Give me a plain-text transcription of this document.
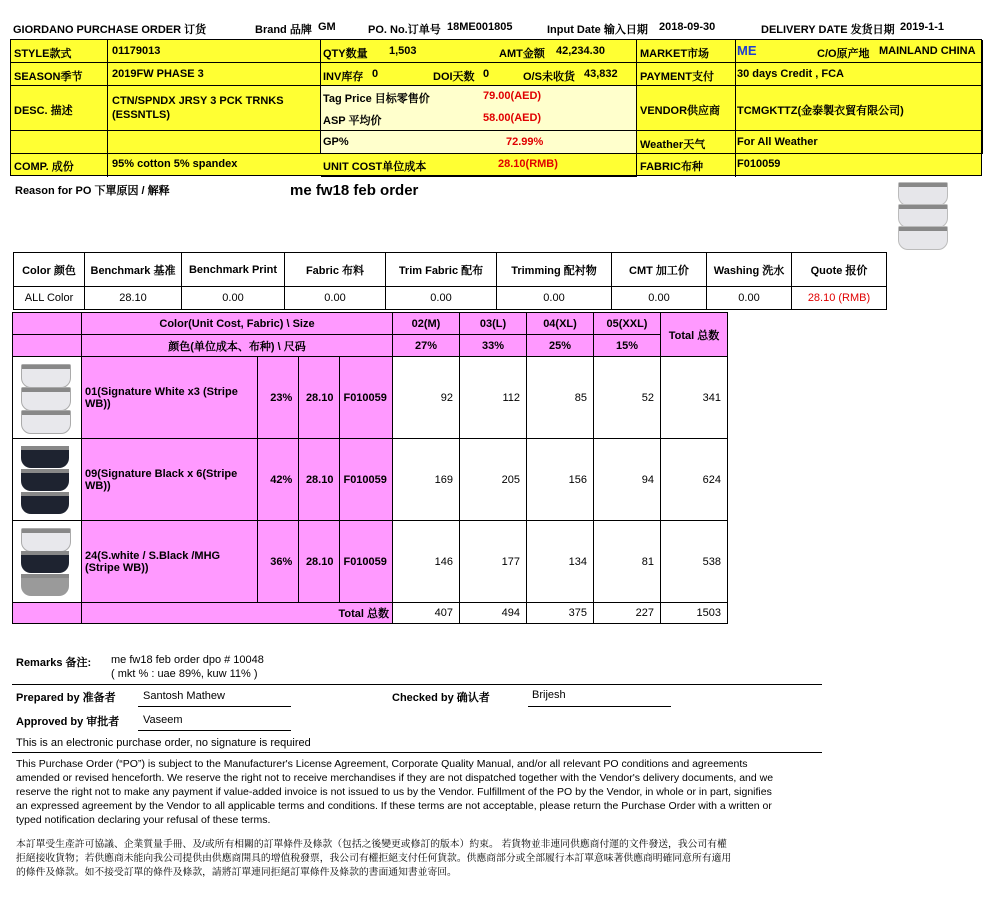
GIORDANO PURCHASE ORDER 订货	Brand 品牌 GM	PO. No.订单号 18ME001805	Input Date 输入日期 2018-09-30	DELIVERY DATE 发货日期 2019-1-1
STYLE款式	01179013
SEASON季节	2019FW PHASE 3
DESC. 描述
CTN/SPNDX JRSY 3 PCK TRNKS
(ESSNTLS)
COMP. 成份	95% cotton 5% spandex
QTY数量 1,503	AMT金额 42,234.30
INV库存 0	DOI天数 0	O/S未收货 43,832
Tag Price 目标零售价	79.00(AED)
ASP 平均价	58.00(AED)
GP%	72.99%
UNIT COST单位成本	28.10(RMB)
MARKET市场 ME	C/O原产地 MAINLAND CHINA
PAYMENT支付 30 days Credit , FCA
VENDOR供应商 TCMGKTTZ(金泰製衣貿有限公司)
Weather天气	For All Weather
FABRIC布种	F010059
Reason for PO 下單原因 / 解释	me fw18 feb order
Color 颜色	Benchmark 基准	Benchmark Print	Fabric 布料	Trim Fabric 配布	Trimming 配衬物	CMT 加工价	Washing 洗水	Quote 报价
ALL Color	28.10	0.00	0.00	0.00	0.00	0.00	0.00	28.10 (RMB)
	Color(Unit Cost, Fabric) \ Size				02(M)	03(L)	04(XL)	05(XXL)	Total 总数
	颜色(单位成本、布种) \ 尺码				27%	33%	25%	15%	

	01(Signature White x3 (Stripe WB))	23%	28.10	F010059	92	112	85	52	341

	09(Signature Black x 6(Stripe WB))	42%	28.10	F010059	169	205	156	94	624

	24(S.white / S.Black /MHG (Stripe WB))	36%	28.10	F010059	146	177	134	81	538
	Total 总数				407	494	375	227	1503
Remarks 备注: me fw18 feb order dpo # 10048
( mkt % : uae 89%, kuw 11% )
Prepared by 准备者 Santosh Mathew	Checked by 确认者	Brijesh
Approved by 审批者 Vaseem
This is an electronic purchase order, no signature is required
This Purchase Order (“PO”) is subject to the Manufacturer's License Agreement, Corporate Quality Manual, and/or all relevant PO conditions and agreements
amended or revised henceforth. We reserve the right not to receive merchandises if they are not dispatched together with the Vendor's delivery documents, and we
reserve the right not to make any payment if value-added invoice is not issued to us by the Vendor. Fulfillment of the PO by the Vendor, in whole or in part, signifies
an expressed agreement by the Vendor to all applicable terms and conditions. If these terms are not acceptable, please return the Purchase Order with a written or
typed notification declaring your refusal of these terms.
本訂單受生產許可協議、企業質量手冊、及/或所有相關的訂單條件及條款（包括之後變更或修訂的版本）約束。 若貨物並非連同供應商付運的文件發送，我公司有權
拒絕接收貨物；若供應商未能向我公司提供由供應商開具的增值稅發票，我公司有權拒絕支付任何貨款。供應商部分或全部履行本訂單意味著供應商明確同意所有適用
的條件及條款。如不接受訂單的條件及條款，請將訂單連同拒絕訂單條件及條款的書面通知書並寄回。
